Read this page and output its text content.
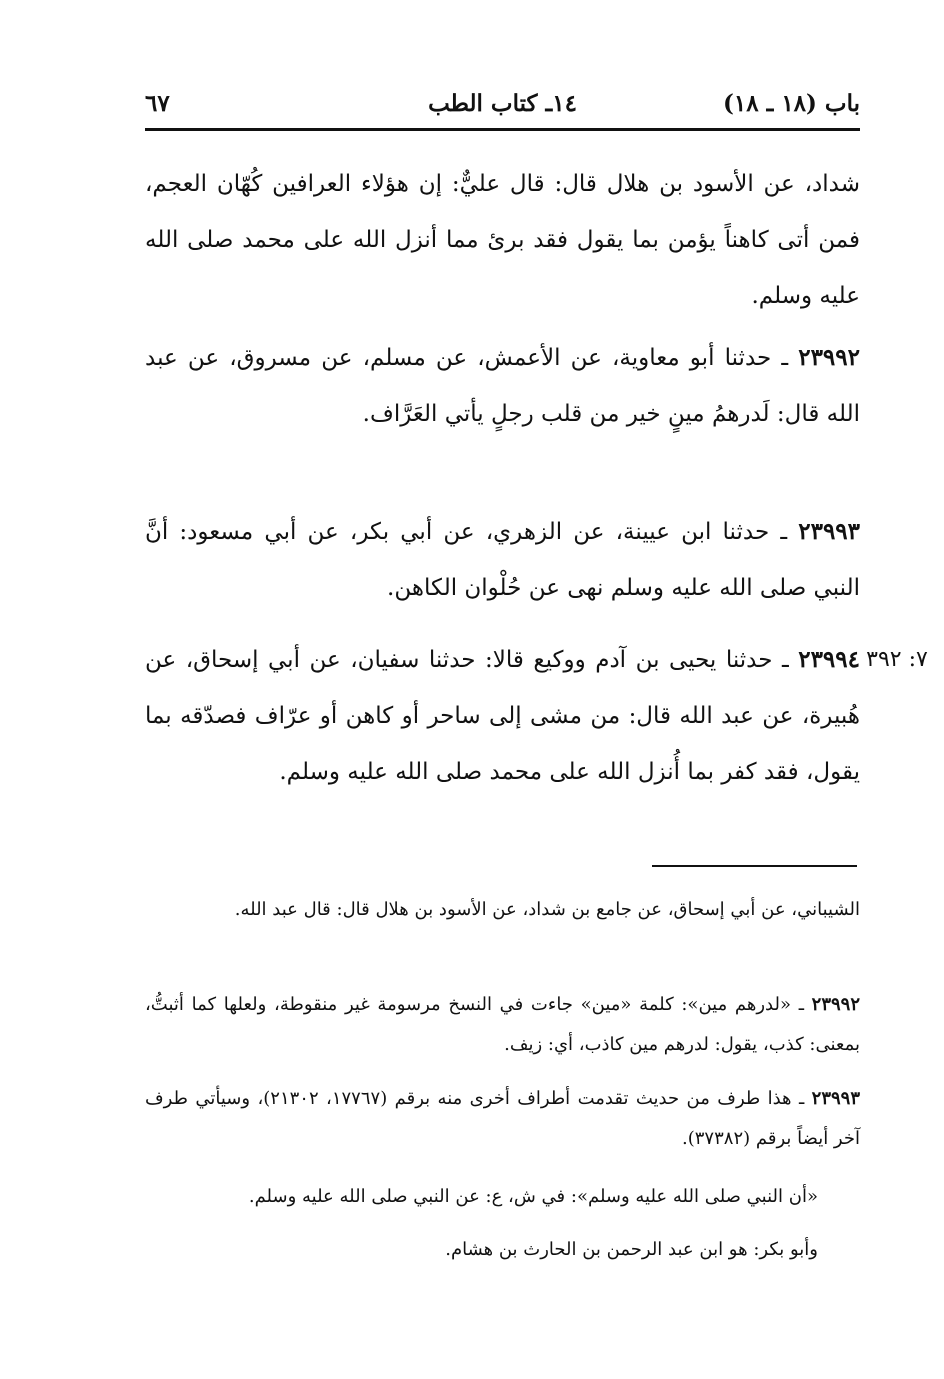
باب (١٨ ـ ١٨)
١٤ـ كتاب الطب
٦٧

شداد، عن الأسود بن هلال قال: قال عليٌّ: إن هؤلاء العرافين كُهّان العجم، فمن أتى كاهناً يؤمن بما يقول فقد برئ مما أنزل الله على محمد صلى الله عليه وسلم.

٢٣٩٩٢ ـ حدثنا أبو معاوية، عن الأعمش، عن مسلم، عن مسروق، عن عبد الله قال: لَدرهمُ مينٍ خير من قلب رجلٍ يأتي العَرَّاف.

٢٣٩٩٣ ـ حدثنا ابن عيينة، عن الزهري، عن أبي بكر، عن أبي مسعود: أنَّ النبي صلى الله عليه وسلم نهى عن حُلْوان الكاهن.

٧: ٣٩٢

٢٣٩٩٤ ـ حدثنا يحيى بن آدم ووكيع قالا: حدثنا سفيان، عن أبي إسحاق، عن هُبيرة، عن عبد الله قال: من مشى إلى ساحر أو كاهن أو عرّاف فصدّقه بما يقول، فقد كفر بما أُنزل الله على محمد صلى الله عليه وسلم.

الشيباني، عن أبي إسحاق، عن جامع بن شداد، عن الأسود بن هلال قال: قال عبد الله.

٢٣٩٩٢ ـ «لدرهم مين»: كلمة «مين» جاءت في النسخ مرسومة غير منقوطة، ولعلها كما أثبتُّ، بمعنى: كذب، يقول: لدرهم مين كاذب، أي: زيف.

٢٣٩٩٣ ـ هذا طرف من حديث تقدمت أطراف أخرى منه برقم (١٧٧٦٧، ٢١٣٠٢)، وسيأتي طرف آخر أيضاً برقم (٣٧٣٨٢).

«أن النبي صلى الله عليه وسلم»: في ش، ع: عن النبي صلى الله عليه وسلم.

وأبو بكر: هو ابن عبد الرحمن بن الحارث بن هشام.
